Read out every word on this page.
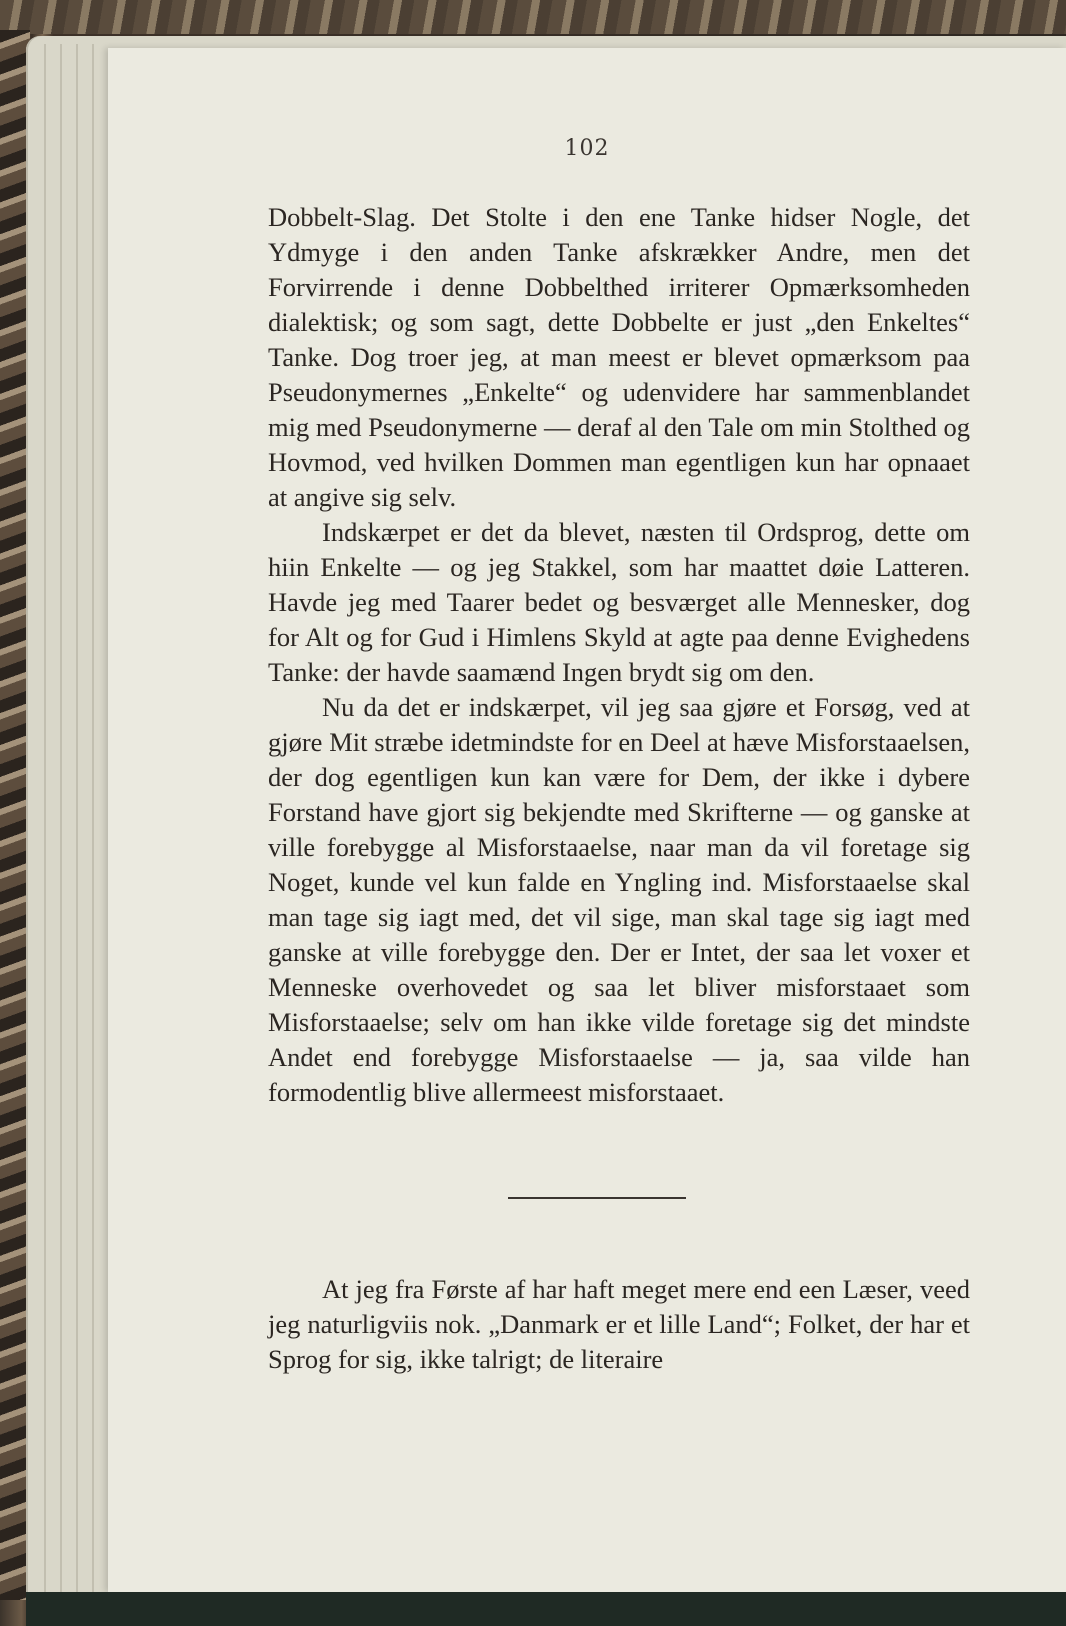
102

Dobbelt-Slag. Det Stolte i den ene Tanke hidser Nogle, det Ydmyge i den anden Tanke afskrækker Andre, men det Forvirrende i denne Dobbelthed irriterer Opmærksomheden dialektisk; og som sagt, dette Dobbelte er just „den Enkeltes“ Tanke. Dog troer jeg, at man meest er blevet opmærksom paa Pseudonymernes „Enkelte“ og udenvidere har sammenblandet mig med Pseudonymerne — deraf al den Tale om min Stolthed og Hovmod, ved hvilken Dommen man egentligen kun har opnaaet at angive sig selv.

Indskærpet er det da blevet, næsten til Ordsprog, dette om hiin Enkelte — og jeg Stakkel, som har maattet døie Latteren. Havde jeg med Taarer bedet og besværget alle Mennesker, dog for Alt og for Gud i Himlens Skyld at agte paa denne Evighedens Tanke: der havde saamænd Ingen brydt sig om den.

Nu da det er indskærpet, vil jeg saa gjøre et Forsøg, ved at gjøre Mit stræbe idetmindste for en Deel at hæve Misforstaaelsen, der dog egentligen kun kan være for Dem, der ikke i dybere Forstand have gjort sig bekjendte med Skrifterne — og ganske at ville forebygge al Misforstaaelse, naar man da vil foretage sig Noget, kunde vel kun falde en Yngling ind. Misforstaaelse skal man tage sig iagt med, det vil sige, man skal tage sig iagt med ganske at ville forebygge den. Der er Intet, der saa let voxer et Menneske overhovedet og saa let bliver misforstaaet som Misforstaaelse; selv om han ikke vilde foretage sig det mindste Andet end forebygge Misforstaaelse — ja, saa vilde han formodentlig blive allermeest misforstaaet.

At jeg fra Første af har haft meget mere end een Læser, veed jeg naturligviis nok. „Danmark er et lille Land“; Folket, der har et Sprog for sig, ikke talrigt; de literaire
